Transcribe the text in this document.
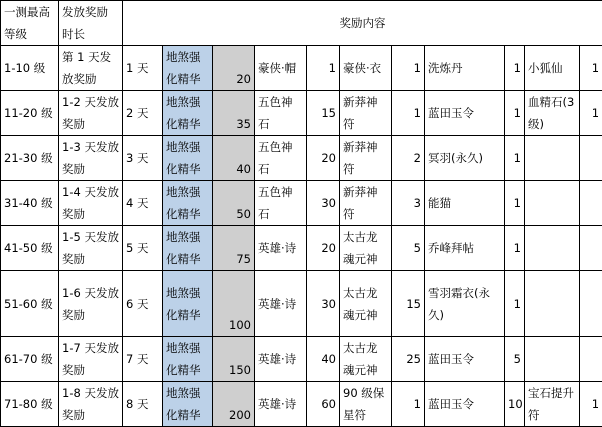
一测最高等级	发放奖励时长	奖励内容										
1-10 级	第 1 天发放奖励	1 天	地煞强化精华	20	豪侠·帽	1	豪侠·衣	1	洗炼丹	1	小狐仙	1
11-20 级	1-2 天发放奖励	2 天	地煞强化精华	35	五色神石	15	新莽神符	1	蓝田玉令	1	血精石(3 级)	1
21-30 级	1-3 天发放奖励	3 天	地煞强化精华	40	五色神石	20	新莽神符	2	冥羽(永久)	1		
31-40 级	1-4 天发放奖励	4 天	地煞强化精华	50	五色神石	30	新莽神符	3	能猫	1		
41-50 级	1-5 天发放奖励	5 天	地煞强化精华	75	英雄·诗	20	太古龙魂元神	5	乔峰拜帖	1		
51-60 级	1-6 天发放奖励	6 天	地煞强化精华	100	英雄·诗	30	太古龙魂元神	15	雪羽霜衣(永久)	1		
61-70 级	1-7 天发放奖励	7 天	地煞强化精华	150	英雄·诗	40	太古龙魂元神	25	蓝田玉令	5		
71-80 级	1-8 天发放奖励	8 天	地煞强化精华	200	英雄·诗	60	90 级保星符	1	蓝田玉令	10	宝石提升符	1
